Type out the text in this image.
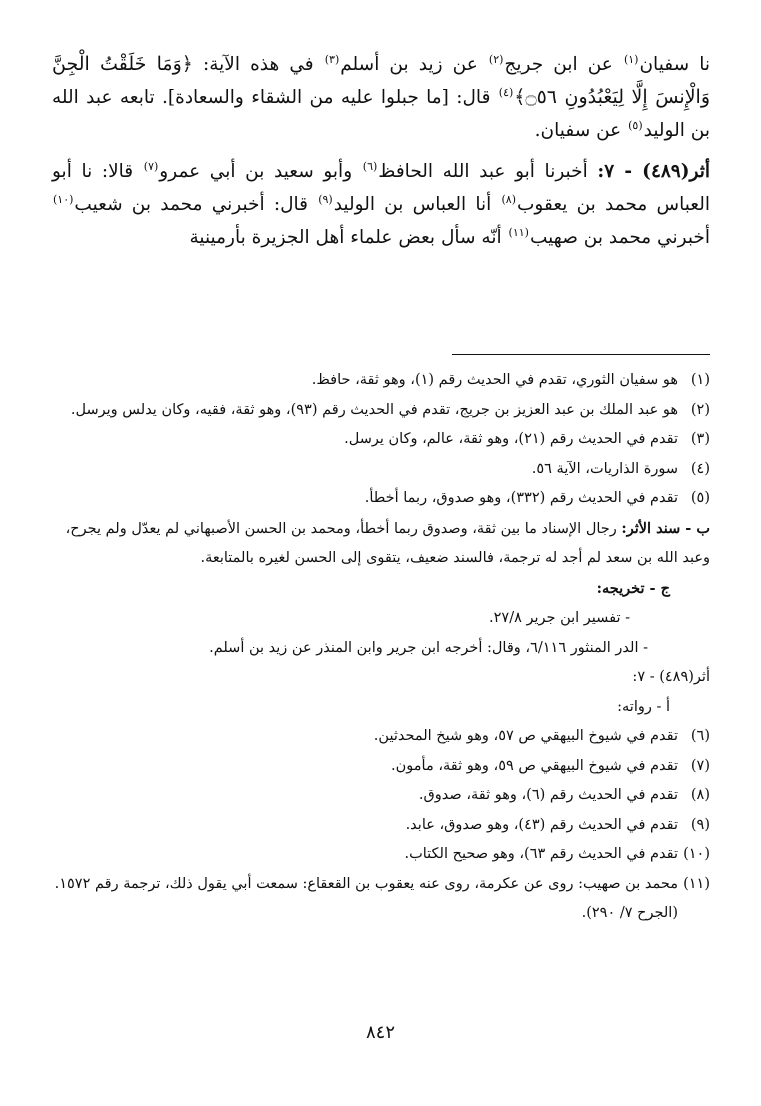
نا سفيان$^{(١)}$ عن ابن جريج$^{(٢)}$ عن زيد بن أسلم$^{(٣)}$ في هذه الآية: ﴿وَمَا خَلَقْتُ الْجِنَّ وَالْإِنسَ إِلَّا لِيَعْبُدُونِ ۝٥٦﴾$^{(٤)}$ قال: [ما جبلوا عليه من الشقاء والسعادة]. تابعه عبد الله بن الوليد$^{(٥)}$ عن سفيان.

أثر(٤٨٩) - ٧: أخبرنا أبو عبد الله الحافظ$^{(٦)}$ وأبو سعيد بن أبي عمرو$^{(٧)}$ قالا: نا أبو العباس محمد بن يعقوب$^{(٨)}$ أنا العباس بن الوليد$^{(٩)}$ قال: أخبرني محمد بن شعيب$^{(١٠)}$ أخبرني محمد بن صهيب$^{(١١)}$ أنّه سأل بعض علماء أهل الجزيرة بأرمينية

(١)
هو سفيان الثوري، تقدم في الحديث رقم (١)، وهو ثقة، حافظ.
(٢)
هو عبد الملك بن عبد العزيز بن جريج، تقدم في الحديث رقم (٩٣)، وهو ثقة، فقيه، وكان يدلس ويرسل.
(٣)
تقدم في الحديث رقم (٢١)، وهو ثقة، عالم، وكان يرسل.
(٤)
سورة الذاريات، الآية ٥٦.
(٥)
تقدم في الحديث رقم (٣٣٢)، وهو صدوق، ربما أخطأ.
ب - سند الأثر: رجال الإسناد ما بين ثقة، وصدوق ربما أخطأ، ومحمد بن الحسن الأصبهاني لم يعدّل ولم يجرح، وعبد الله بن سعد لم أجد له ترجمة، فالسند ضعيف، يتقوى إلى الحسن لغيره بالمتابعة.
ج - تخريجه:
- تفسير ابن جرير ٢٧/٨.
- الدر المنثور ٦/١١٦، وقال: أخرجه ابن جرير وابن المنذر عن زيد بن أسلم.
أثر(٤٨٩) - ٧:
أ - رواته:
(٦)
تقدم في شيوخ البيهقي ص ٥٧، وهو شيخ المحدثين.
(٧)
تقدم في شيوخ البيهقي ص ٥٩، وهو ثقة، مأمون.
(٨)
تقدم في الحديث رقم (٦)، وهو ثقة، صدوق.
(٩)
تقدم في الحديث رقم (٤٣)، وهو صدوق، عابد.
(١٠)
تقدم في الحديث رقم ٦٣)، وهو صحيح الكتاب.
(١١)
محمد بن صهيب: روى عن عكرمة، روى عنه يعقوب بن القعقاع: سمعت أبي يقول ذلك، ترجمة رقم ١٥٧٢. (الجرح ٧/ ٢٩٠).
٨٤٢
